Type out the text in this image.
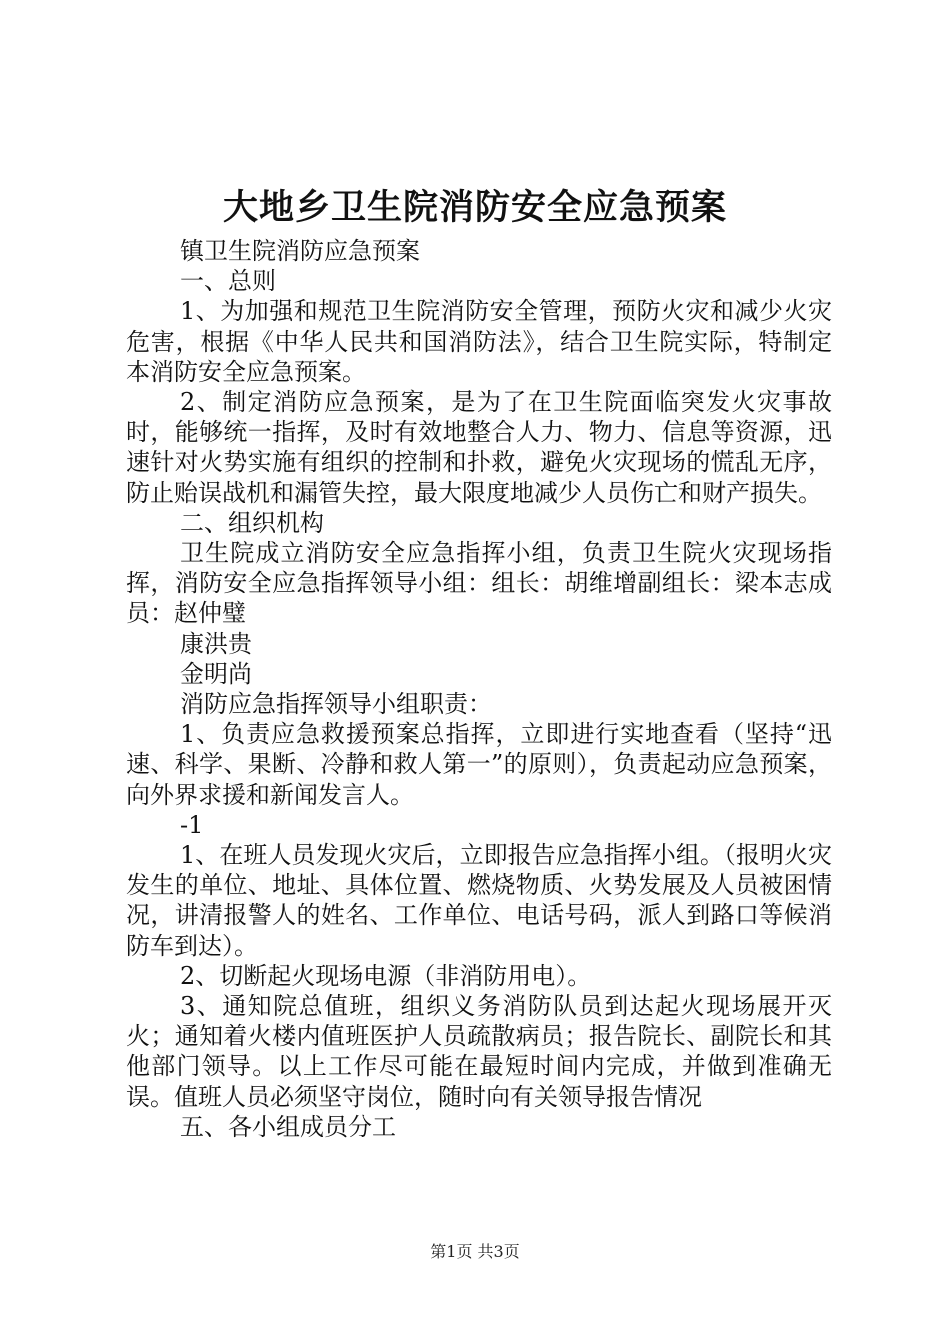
大地乡卫生院消防安全应急预案

镇卫生院消防应急预案

一、总则

1、为加强和规范卫生院消防安全管理，预防火灾和减少火灾危害，根据《中华人民共和国消防法》，结合卫生院实际，特制定本消防安全应急预案。

2、制定消防应急预案，是为了在卫生院面临突发火灾事故时，能够统一指挥，及时有效地整合人力、物力、信息等资源，迅速针对火势实施有组织的控制和扑救，避免火灾现场的慌乱无序，防止贻误战机和漏管失控，最大限度地减少人员伤亡和财产损失。

二、组织机构

卫生院成立消防安全应急指挥小组，负责卫生院火灾现场指挥，消防安全应急指挥领导小组：组长：胡维增副组长：梁本志成员：赵仲璧

康洪贵

金明尚

消防应急指挥领导小组职责：

1、负责应急救援预案总指挥，立即进行实地查看（坚持“迅速、科学、果断、冷静和救人第一”的原则），负责起动应急预案，向外界求援和新闻发言人。

-1

1、在班人员发现火灾后，立即报告应急指挥小组。（报明火灾发生的单位、地址、具体位置、燃烧物质、火势发展及人员被困情况，讲清报警人的姓名、工作单位、电话号码，派人到路口等候消防车到达）。

2、切断起火现场电源（非消防用电）。

3、通知院总值班，组织义务消防队员到达起火现场展开灭火；通知着火楼内值班医护人员疏散病员；报告院长、副院长和其他部门领导。以上工作尽可能在最短时间内完成，并做到准确无误。值班人员必须坚守岗位，随时向有关领导报告情况

五、各小组成员分工

第1页 共3页
